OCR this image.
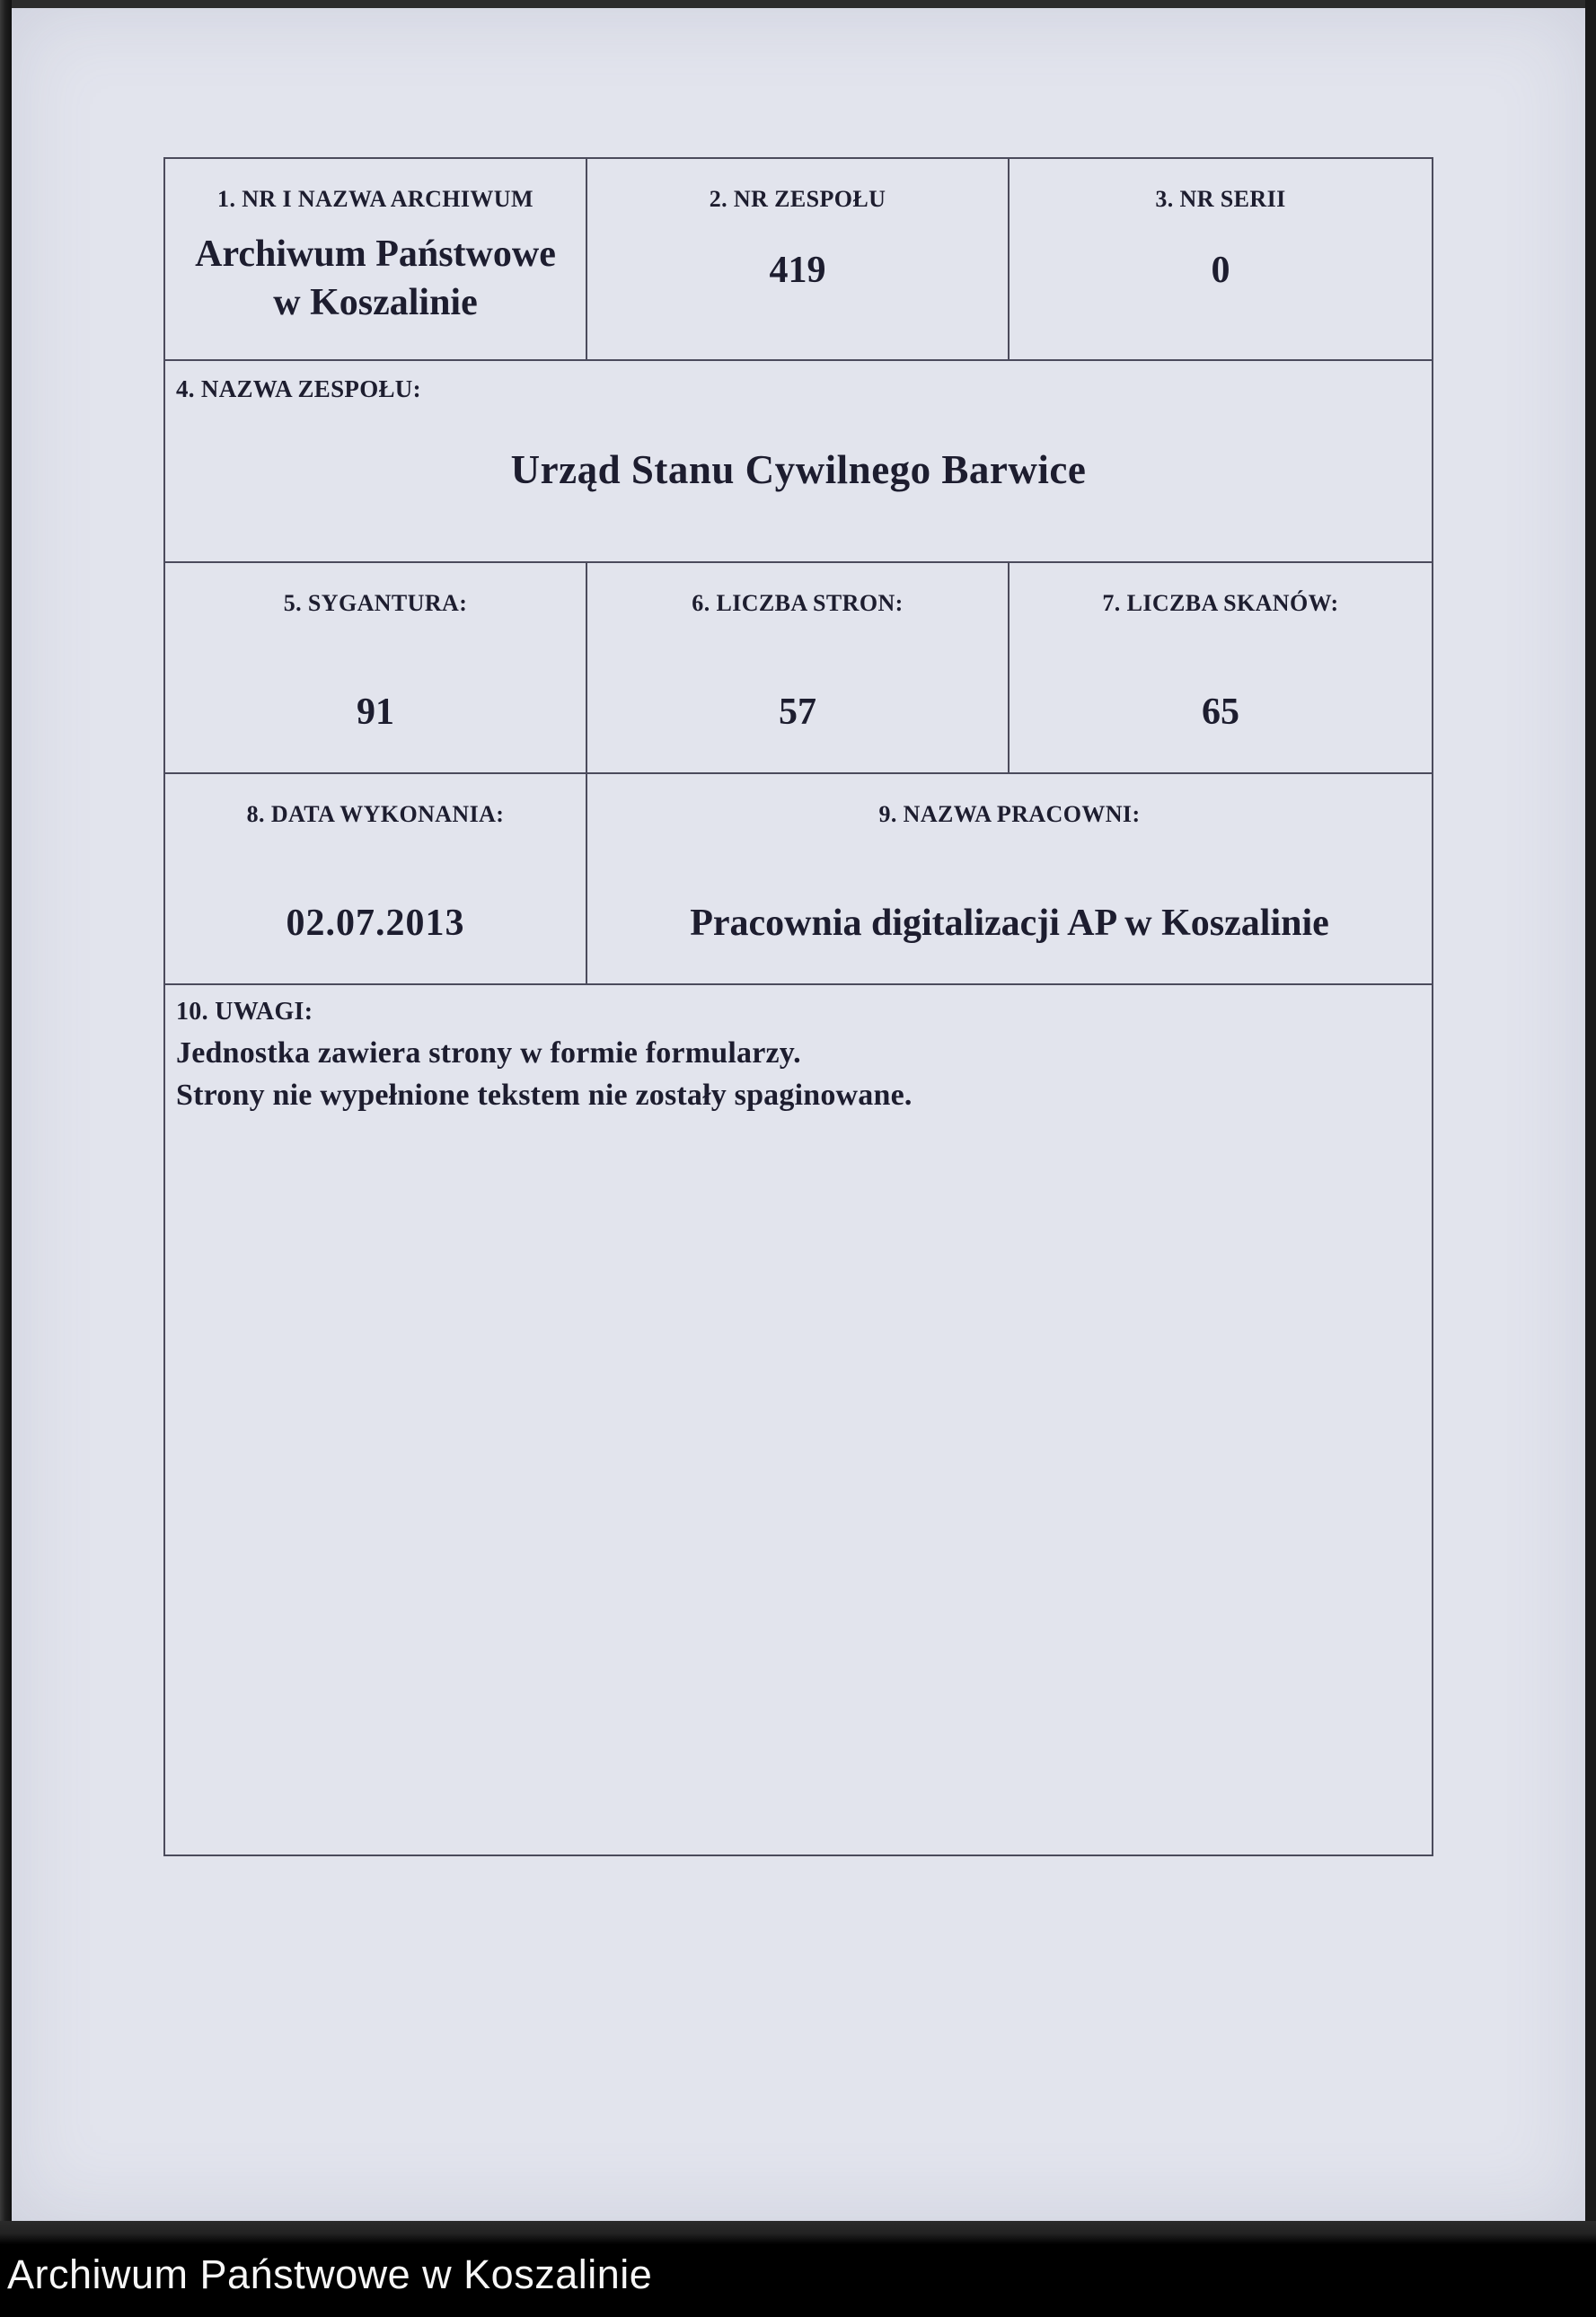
1. NR I NAZWA ARCHIWUM
Archiwum Państwowe
w Koszalinie
2. NR ZESPOŁU
419
3. NR SERII
0
4. NAZWA ZESPOŁU:
Urząd Stanu Cywilnego Barwice
5. SYGANTURA:
91
6. LICZBA STRON:
57
7. LICZBA SKANÓW:
65
8. DATA WYKONANIA:
02.07.2013
9. NAZWA PRACOWNI:
Pracownia digitalizacji AP w Koszalinie
10. UWAGI:
Jednostka zawiera strony w formie formularzy.
Strony nie wypełnione tekstem nie zostały spaginowane.
Archiwum Państwowe w Koszalinie
